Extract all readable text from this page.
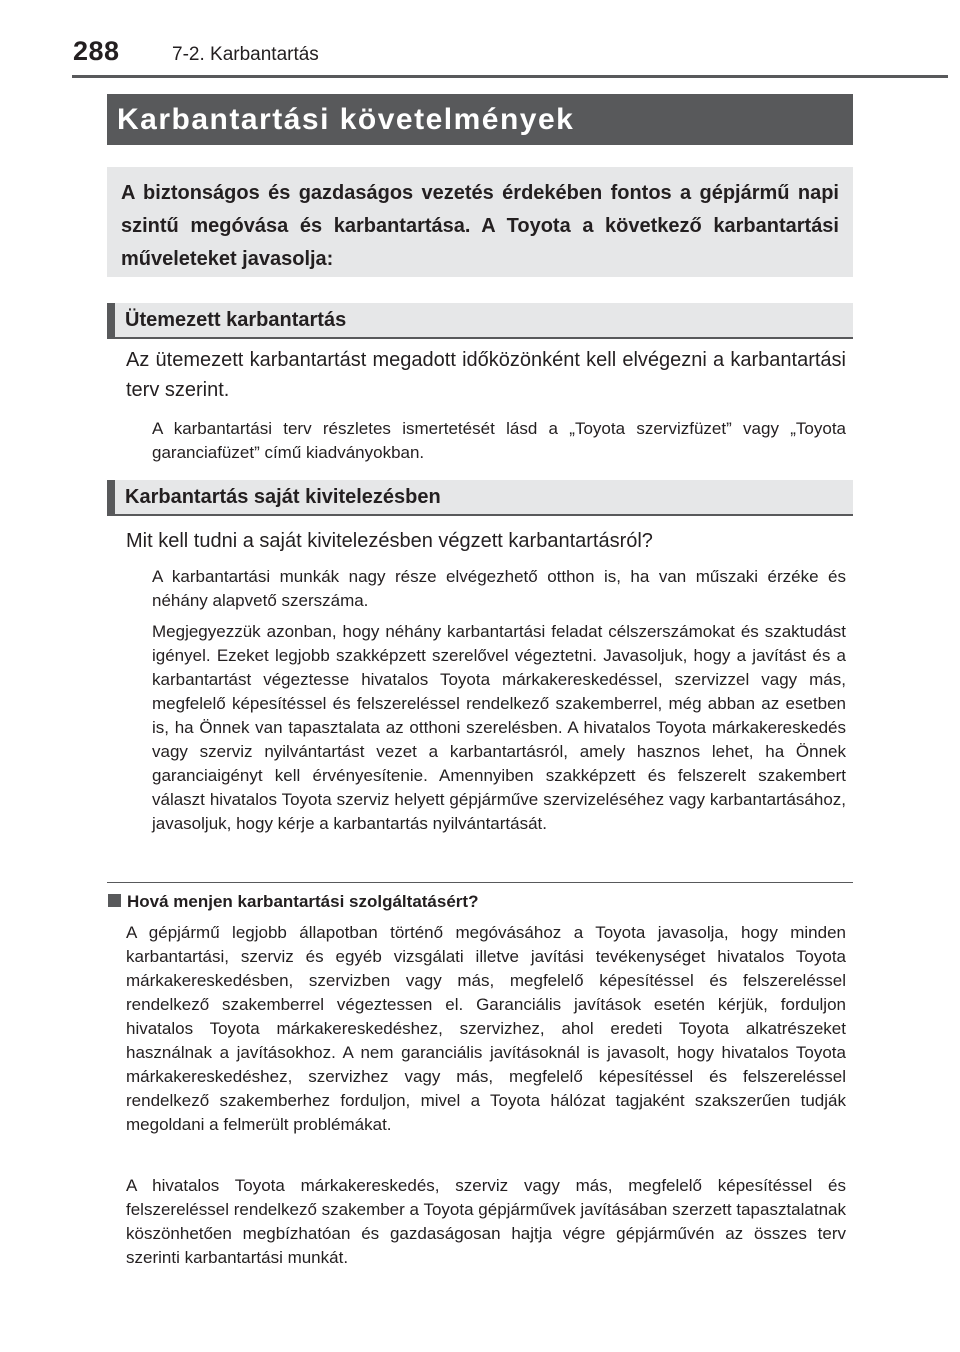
288	7-2. Karbantartás
Karbantartási követelmények
A biztonságos és gazdaságos vezetés érdekében fontos a gépjármű napi szintű megóvása és karbantartása. A Toyota a következő karbantartási műveleteket javasolja:
Ütemezett karbantartás
Az ütemezett karbantartást megadott időközönként kell elvégezni a karbantartási terv szerint.
A karbantartási terv részletes ismertetését lásd a „Toyota szervizfüzet” vagy „Toyota garanciafüzet” című kiadványokban.
Karbantartás saját kivitelezésben
Mit kell tudni a saját kivitelezésben végzett karbantartásról?
A karbantartási munkák nagy része elvégezhető otthon is, ha van műszaki érzéke és néhány alapvető szerszáma.
Megjegyezzük azonban, hogy néhány karbantartási feladat célszerszámokat és szaktudást igényel. Ezeket legjobb szakképzett szerelővel végeztetni. Javasoljuk, hogy a javítást és a karbantartást végeztesse hivatalos Toyota márkakereskedéssel, szervizzel vagy más, megfelelő képesítéssel és felszereléssel rendelkező szakemberrel, még abban az esetben is, ha Önnek van tapasztalata az otthoni szerelésben. A hivatalos Toyota márkakereskedés vagy szerviz nyilvántartást vezet a karbantartásról, amely hasznos lehet, ha Önnek garanciaigényt kell érvényesítenie. Amennyiben szakképzett és felszerelt szakembert választ hivatalos Toyota szerviz helyett gépjárműve szervizeléséhez vagy karbantartásához, javasoljuk, hogy kérje a karbantartás nyilvántartását.
Hová menjen karbantartási szolgáltatásért?
A gépjármű legjobb állapotban történő megóvásához a Toyota javasolja, hogy minden karbantartási, szerviz és egyéb vizsgálati illetve javítási tevékenységet hivatalos Toyota márkakereskedésben, szervizben vagy más, megfelelő képesítéssel és felszereléssel rendelkező szakemberrel végeztessen el. Garanciális javítások esetén kérjük, forduljon hivatalos Toyota márkakereskedéshez, szervizhez, ahol eredeti Toyota alkatrészeket használnak a javításokhoz. A nem garanciális javításoknál is javasolt, hogy hivatalos Toyota márkakereskedéshez, szervizhez vagy más, megfelelő képesítéssel és felszereléssel rendelkező szakemberhez forduljon, mivel a Toyota hálózat tagjaként szakszerűen tudják megoldani a felmerült problémákat.
A hivatalos Toyota márkakereskedés, szerviz vagy más, megfelelő képesítéssel és felszereléssel rendelkező szakember a Toyota gépjárművek javításában szerzett tapasztalatnak köszönhetően megbízhatóan és gazdaságosan hajtja végre gépjárművén az összes terv szerinti karbantartási munkát.
